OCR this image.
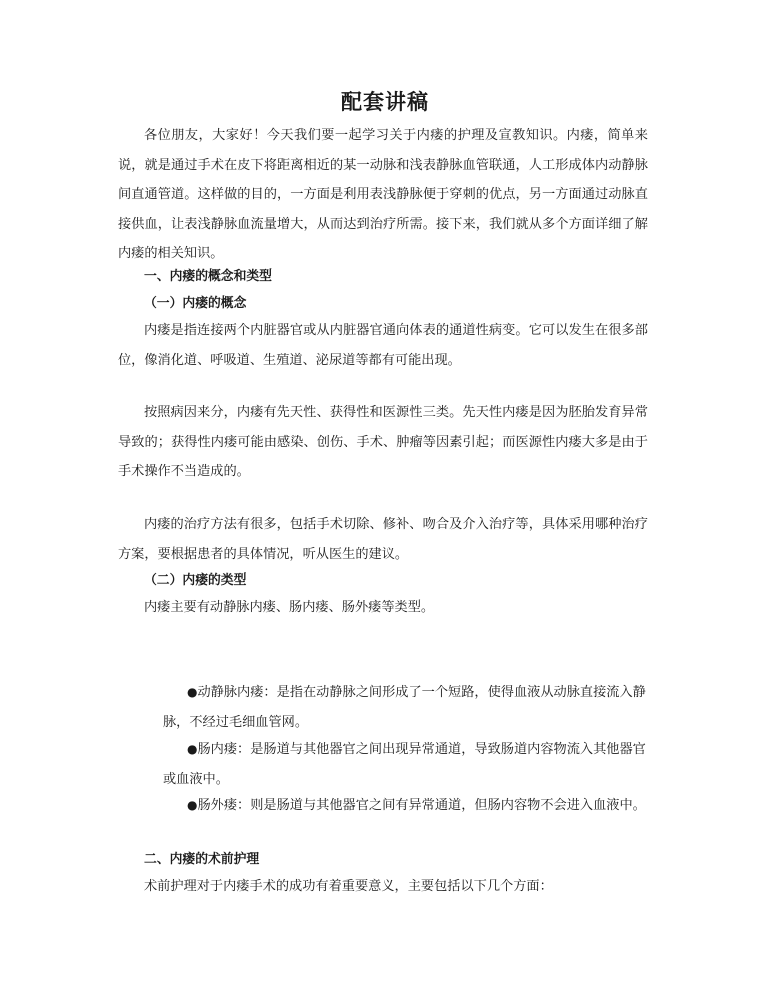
配套讲稿

各位朋友，大家好！今天我们要一起学习关于内瘘的护理及宣教知识。内瘘，简单来说，就是通过手术在皮下将距离相近的某一动脉和浅表静脉血管联通，人工形成体内动静脉间直通管道。这样做的目的，一方面是利用表浅静脉便于穿刺的优点，另一方面通过动脉直接供血，让表浅静脉血流量增大，从而达到治疗所需。接下来，我们就从多个方面详细了解内瘘的相关知识。

一、内瘘的概念和类型

（一）内瘘的概念

内瘘是指连接两个内脏器官或从内脏器官通向体表的通道性病变。它可以发生在很多部位，像消化道、呼吸道、生殖道、泌尿道等都有可能出现。

按照病因来分，内瘘有先天性、获得性和医源性三类。先天性内瘘是因为胚胎发育异常导致的；获得性内瘘可能由感染、创伤、手术、肿瘤等因素引起；而医源性内瘘大多是由于手术操作不当造成的。

内瘘的治疗方法有很多，包括手术切除、修补、吻合及介入治疗等，具体采用哪种治疗方案，要根据患者的具体情况，听从医生的建议。

（二）内瘘的类型

内瘘主要有动静脉内瘘、肠内瘘、肠外瘘等类型。

●动静脉内瘘：是指在动静脉之间形成了一个短路，使得血液从动脉直接流入静脉，不经过毛细血管网。

●肠内瘘：是肠道与其他器官之间出现异常通道，导致肠道内容物流入其他器官或血液中。

●肠外瘘：则是肠道与其他器官之间有异常通道，但肠内容物不会进入血液中。

二、内瘘的术前护理

术前护理对于内瘘手术的成功有着重要意义，主要包括以下几个方面：
